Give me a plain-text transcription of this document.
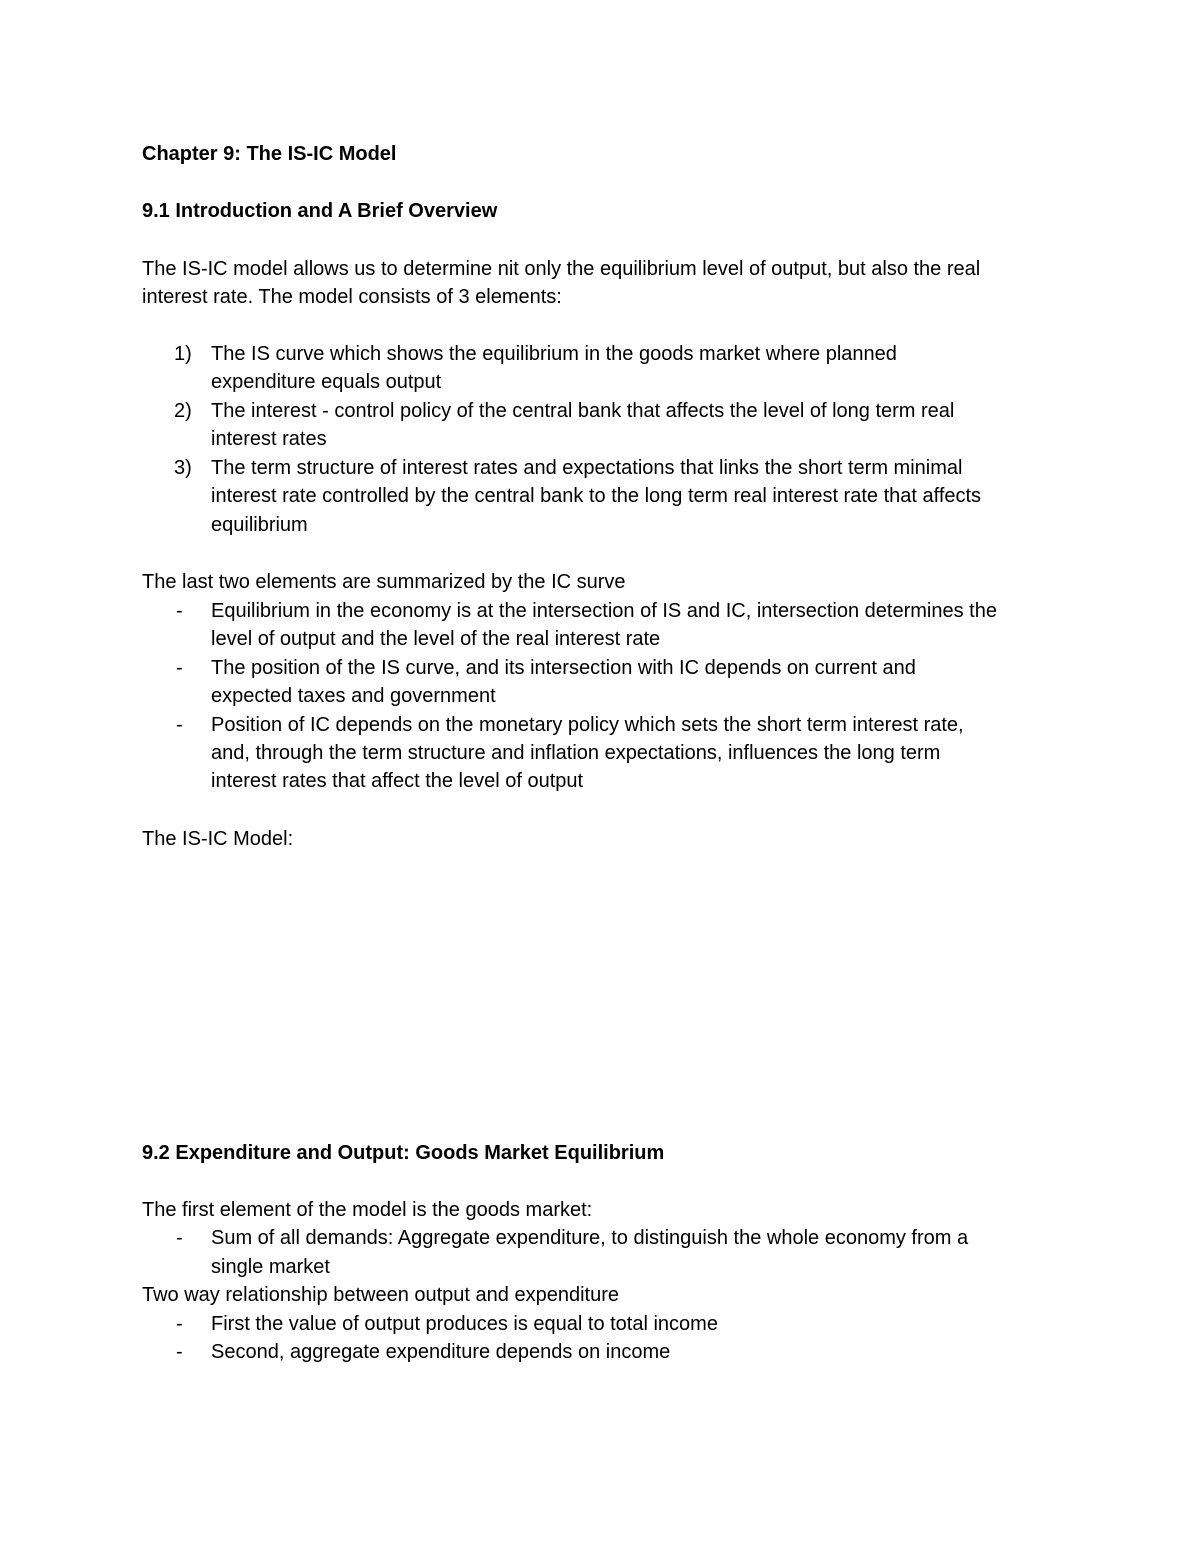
Chapter 9: The IS-IC Model
9.1 Introduction and A Brief Overview
The IS-IC model allows us to determine nit only the equilibrium level of output, but also the real
interest rate. The model consists of 3 elements:
1) The IS curve which shows the equilibrium in the goods market where planned
expenditure equals output
2) The interest - control policy of the central bank that affects the level of long term real
interest rates
3) The term structure of interest rates and expectations that links the short term minimal
interest rate controlled by the central bank to the long term real interest rate that affects
equilibrium
The last two elements are summarized by the IC surve
- Equilibrium in the economy is at the intersection of IS and IC, intersection determines the
level of output and the level of the real interest rate
- The position of the IS curve, and its intersection with IC depends on current and
expected taxes and government
- Position of IC depends on the monetary policy which sets the short term interest rate,
and, through the term structure and inflation expectations, influences the long term
interest rates that affect the level of output
The IS-IC Model:
9.2 Expenditure and Output: Goods Market Equilibrium
The first element of the model is the goods market:
- Sum of all demands: Aggregate expenditure, to distinguish the whole economy from a
single market
Two way relationship between output and expenditure
- First the value of output produces is equal to total income
- Second, aggregate expenditure depends on income
